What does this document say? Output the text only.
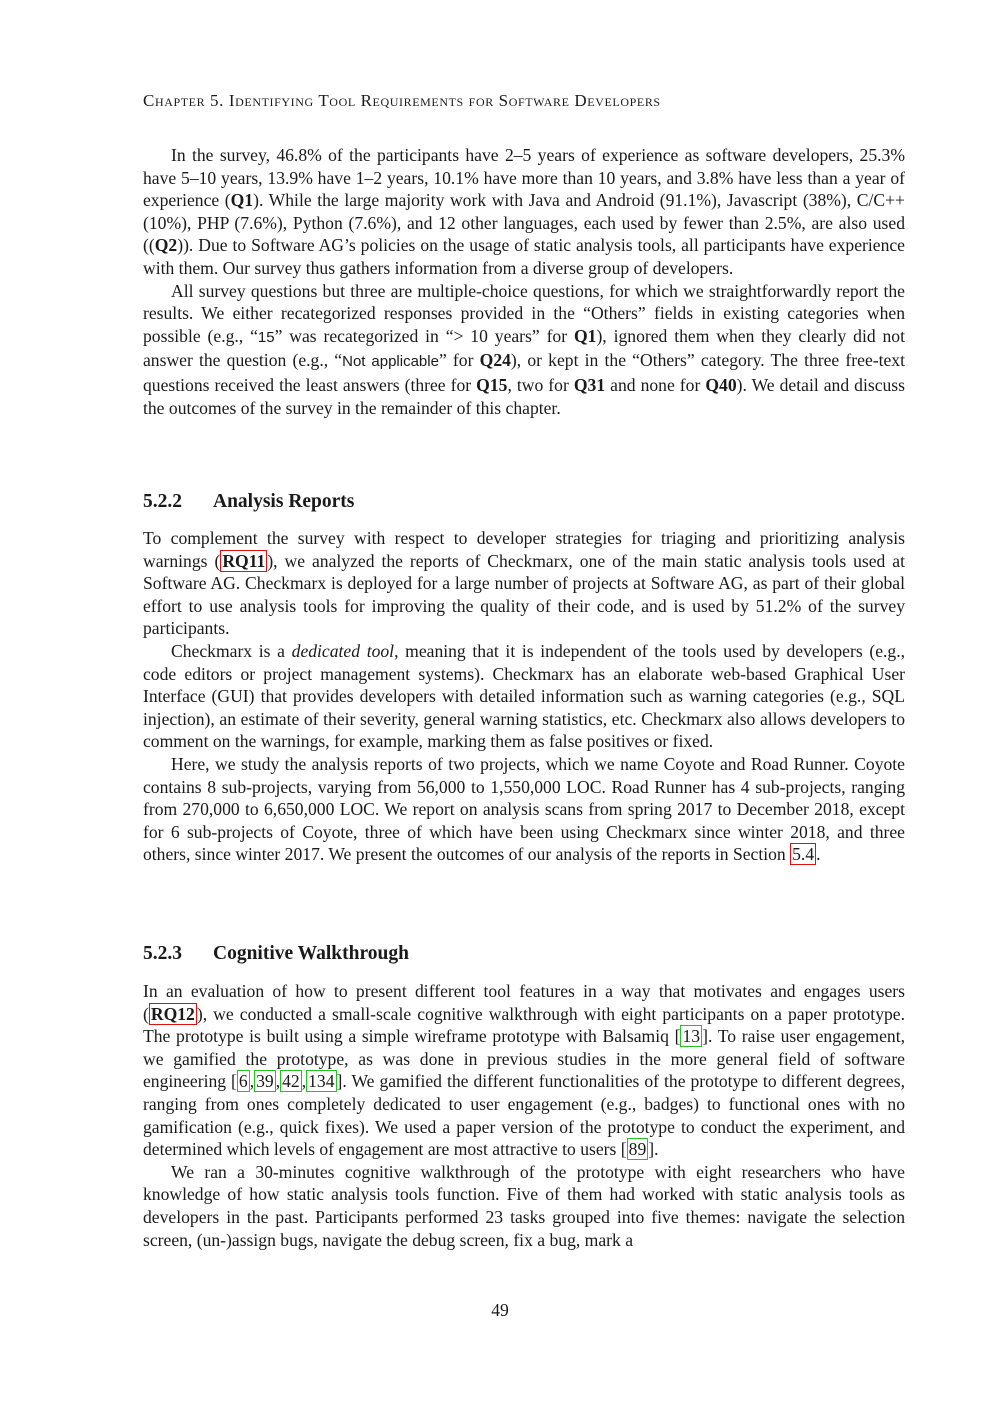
Chapter 5. Identifying Tool Requirements for Software Developers

In the survey, 46.8% of the participants have 2–5 years of experience as software developers, 25.3% have 5–10 years, 13.9% have 1–2 years, 10.1% have more than 10 years, and 3.8% have less than a year of experience (Q1). While the large majority work with Java and Android (91.1%), Javascript (38%), C/C++ (10%), PHP (7.6%), Python (7.6%), and 12 other languages, each used by fewer than 2.5%, are also used ((Q2)). Due to Software AG’s policies on the usage of static analysis tools, all participants have experience with them. Our survey thus gathers information from a diverse group of developers.

All survey questions but three are multiple-choice questions, for which we straightforwardly report the results. We either recategorized responses provided in the “Others” fields in existing categories when possible (e.g., “15” was recategorized in “> 10 years” for Q1), ignored them when they clearly did not answer the question (e.g., “Not applicable” for Q24), or kept in the “Others” category. The three free-text questions received the least answers (three for Q15, two for Q31 and none for Q40). We detail and discuss the outcomes of the survey in the remainder of this chapter.

5.2.2 Analysis Reports

To complement the survey with respect to developer strategies for triaging and prioritizing analysis warnings ( RQ11 ), we analyzed the reports of Checkmarx, one of the main static analysis tools used at Software AG. Checkmarx is deployed for a large number of projects at Software AG, as part of their global effort to use analysis tools for improving the quality of their code, and is used by 51.2% of the survey participants.

Checkmarx is a dedicated tool, meaning that it is independent of the tools used by developers (e.g., code editors or project management systems). Checkmarx has an elaborate web-based Graphical User Interface (GUI) that provides developers with detailed information such as warning categories (e.g., SQL injection), an estimate of their severity, general warning statistics, etc. Checkmarx also allows developers to comment on the warnings, for example, marking them as false positives or fixed.

Here, we study the analysis reports of two projects, which we name Coyote and Road Runner. Coyote contains 8 sub-projects, varying from 56,000 to 1,550,000 LOC. Road Runner has 4 sub-projects, ranging from 270,000 to 6,650,000 LOC. We report on analysis scans from spring 2017 to December 2018, except for 6 sub-projects of Coyote, three of which have been using Checkmarx since winter 2018, and three others, since winter 2017. We present the outcomes of our analysis of the reports in Section 5.4 .

5.2.3 Cognitive Walkthrough

In an evaluation of how to present different tool features in a way that motivates and engages users ( RQ12 ), we conducted a small-scale cognitive walkthrough with eight participants on a paper prototype. The prototype is built using a simple wireframe prototype with Balsamiq [ 13 ]. To raise user engagement, we gamified the prototype, as was done in previous studies in the more general field of software engineering [ 6 , 39 , 42 , 134 ]. We gamified the different functionalities of the prototype to different degrees, ranging from ones completely dedicated to user engagement (e.g., badges) to functional ones with no gamification (e.g., quick fixes). We used a paper version of the prototype to conduct the experiment, and determined which levels of engagement are most attractive to users [ 89 ].

We ran a 30-minutes cognitive walkthrough of the prototype with eight researchers who have knowledge of how static analysis tools function. Five of them had worked with static analysis tools as developers in the past. Participants performed 23 tasks grouped into five themes: navigate the selection screen, (un-)assign bugs, navigate the debug screen, fix a bug, mark a

49
